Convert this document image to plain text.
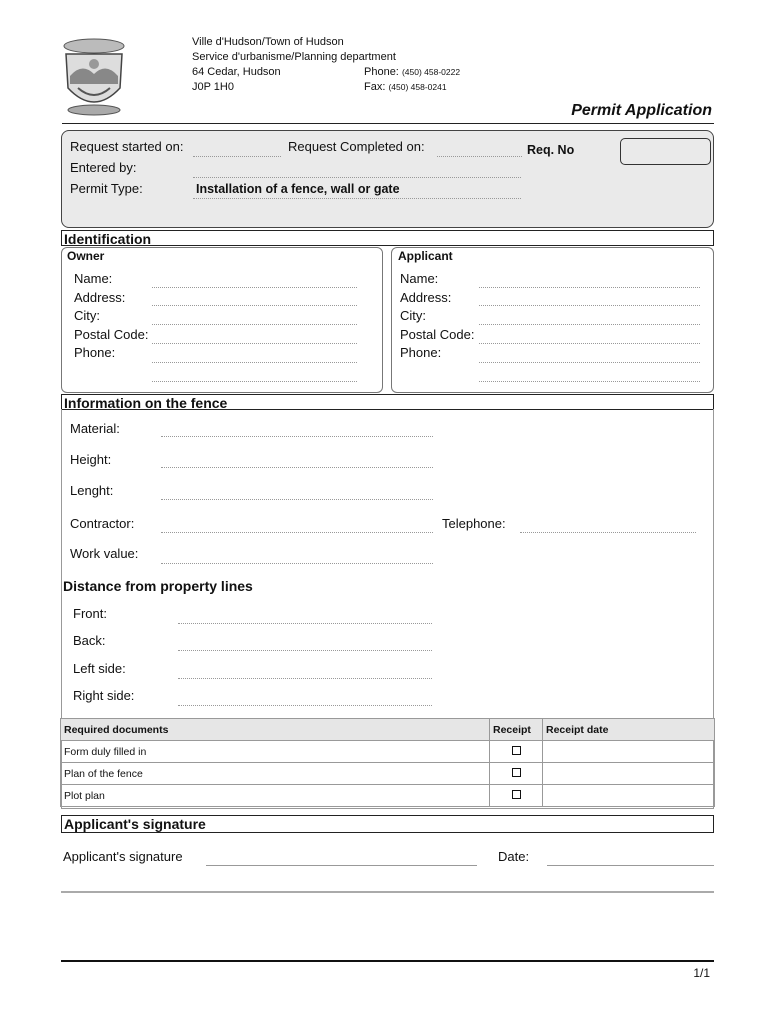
Ville d'Hudson/Town of Hudson
Service d'urbanisme/Planning department
64 Cedar, Hudson
J0P 1H0
Phone: (450) 458-0222
Fax: (450) 458-0241
Permit Application
Request started on:	Request Completed on:	Req. No
Entered by:
Permit Type:	Installation of a fence, wall or gate
Identification
Owner
Name:
Address:
City:
Postal Code:
Phone:
Applicant
Name:
Address:
City:
Postal Code:
Phone:
Information on the fence
Material:
Height:
Lenght:
Contractor:	Telephone:
Work value:
Distance from property lines
Front:
Back:
Left side:
Right side:
Required documents	Receipt	Receipt date
Form duly filled in		
Plan of the fence		
Plot plan		
Applicant's signature
Applicant's signature	Date:
1/1
